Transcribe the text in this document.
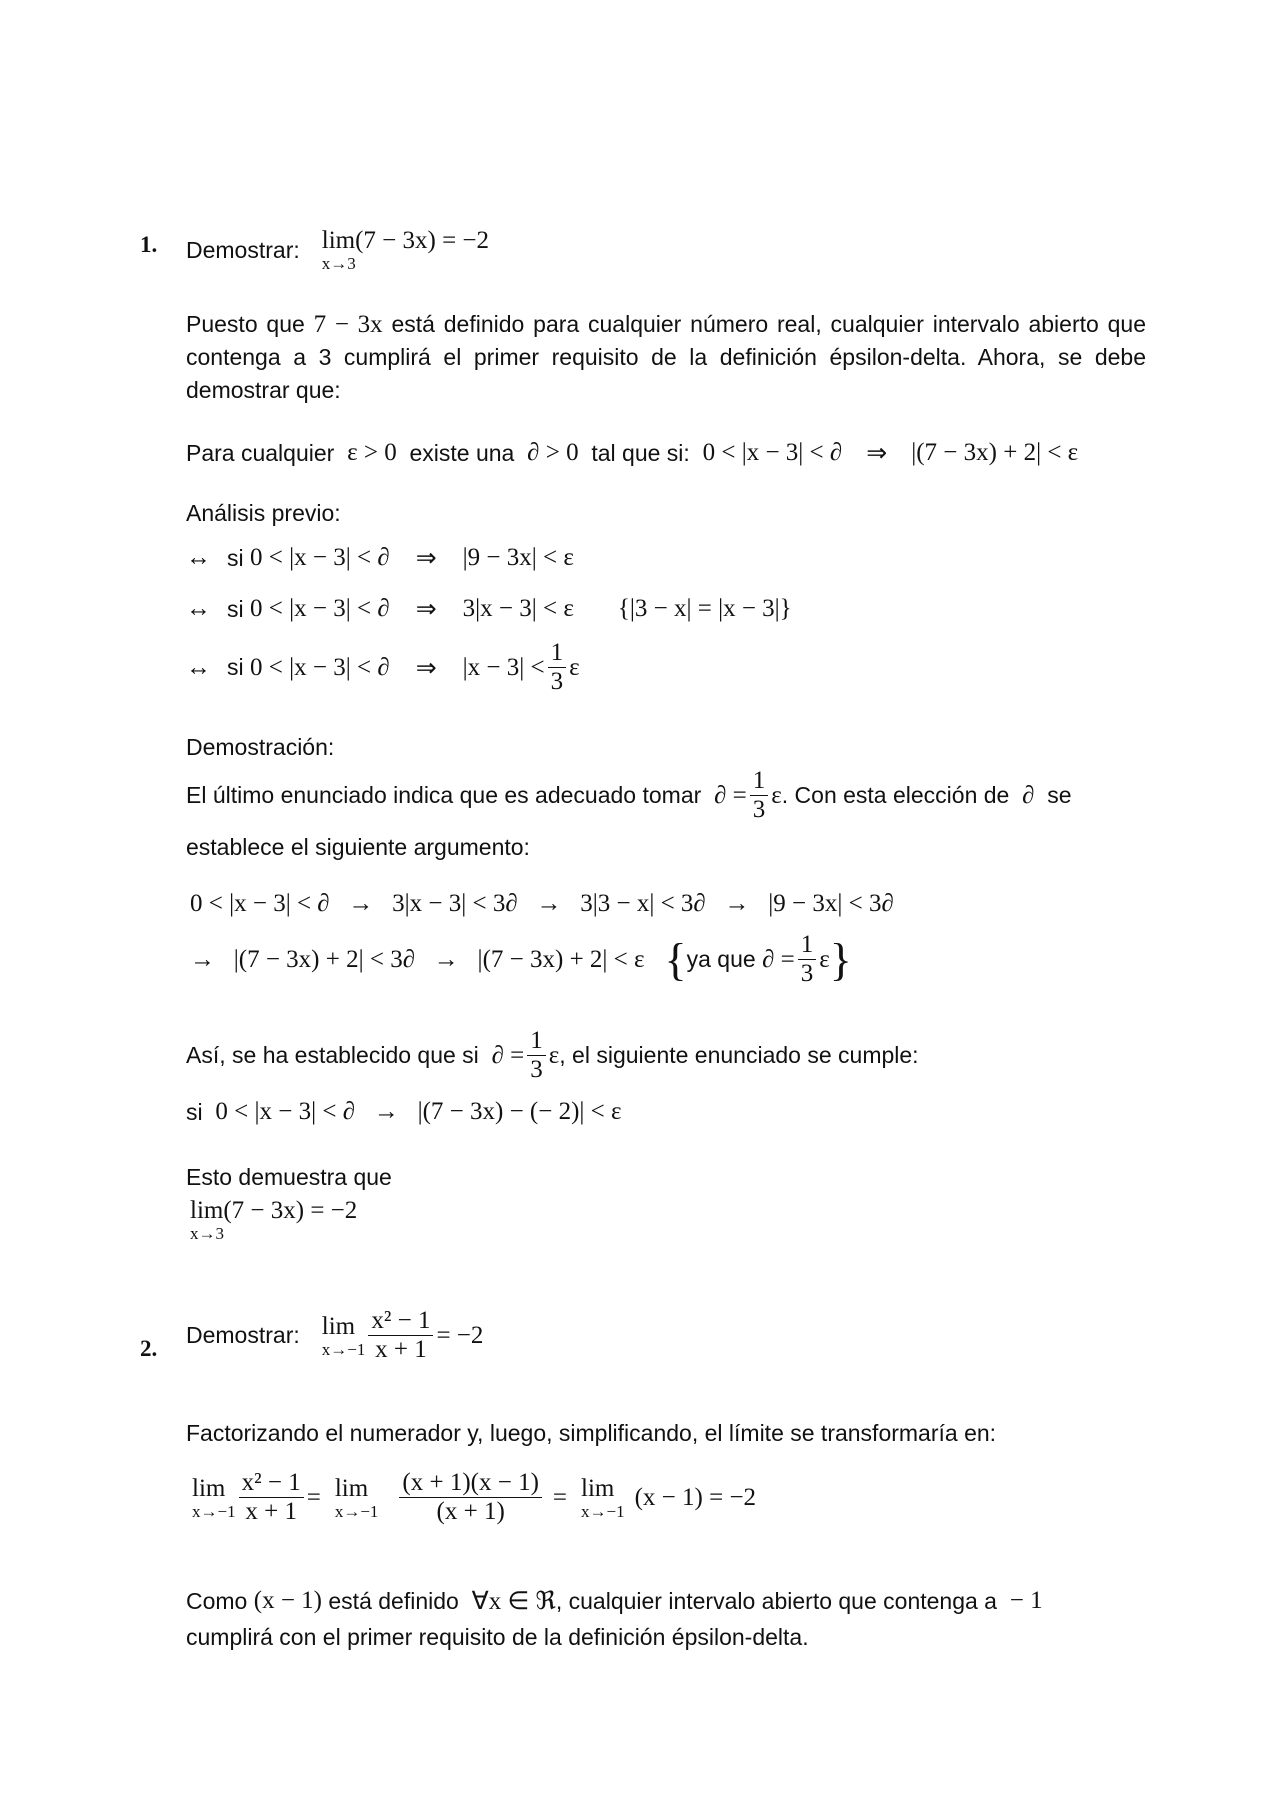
1. Demostrar: lim(7 − 3x) = −2
x→3
Puesto que 7 − 3x está definido para cualquier número real, cualquier intervalo abierto que contenga a 3 cumplirá el primer requisito de la definición épsilon-delta. Ahora, se debe demostrar que:
Para cualquier
ε > 0
existe una
∂ > 0
tal que si:
0 < |x − 3| < ∂ ⇒ |(7 − 3x) + 2| < ε
Análisis previo:
↔ si
0 < |x − 3| < ∂ ⇒ |9 − 3x| < ε
↔ si
0 < |x − 3| < ∂ ⇒ 3|x − 3| < ε {|3 − x| = |x − 3|}
↔ si
0 < |x − 3| < ∂ ⇒ $|x - 3| < \frac{1}{3}$ ε
Demostración:
El último enunciado indica que es adecuado tomar
∂ = $\frac{1}{3}$ ε . Con esta elección de
∂
se
establece el siguiente argumento:
0 < |x − 3| < ∂   →   3|x − 3| < 3∂   →   3|3 − x| < 3∂   →   |9 − 3x| < 3∂
→   |(7 − 3x) + 2| < 3∂   →   |(7 − 3x) + 2| < ε { ya que
∂ = $\frac{1}{3}$ ε }
Así, se ha establecido que si
∂ = $\frac{1}{3}$ ε , el siguiente enunciado se cumple:
si
0 < |x − 3| < ∂   →   |(7 − 3x) − (− 2)| < ε
Esto demuestra que
lim(7 − 3x) = −2
x→3
2.
Demostrar: lim
$x\to-1 \frac{\text{x² − 1}}{x + 1} = -2$
Factorizando el numerador y, luego, simplificando, el límite se transformaría en:
lim
$x\to-1 \frac{\text{x² − 1}}{x + 1} = \lim$
$x\to-1 \frac{(x + 1)(x - 1)}{(x + 1)} = \lim$
x→−1
(x − 1) = −2
Como
(x − 1)
está definido
∀x ∈ ℜ , cualquier intervalo abierto que contenga a
− 1
cumplirá con el primer requisito de la definición épsilon-delta.
